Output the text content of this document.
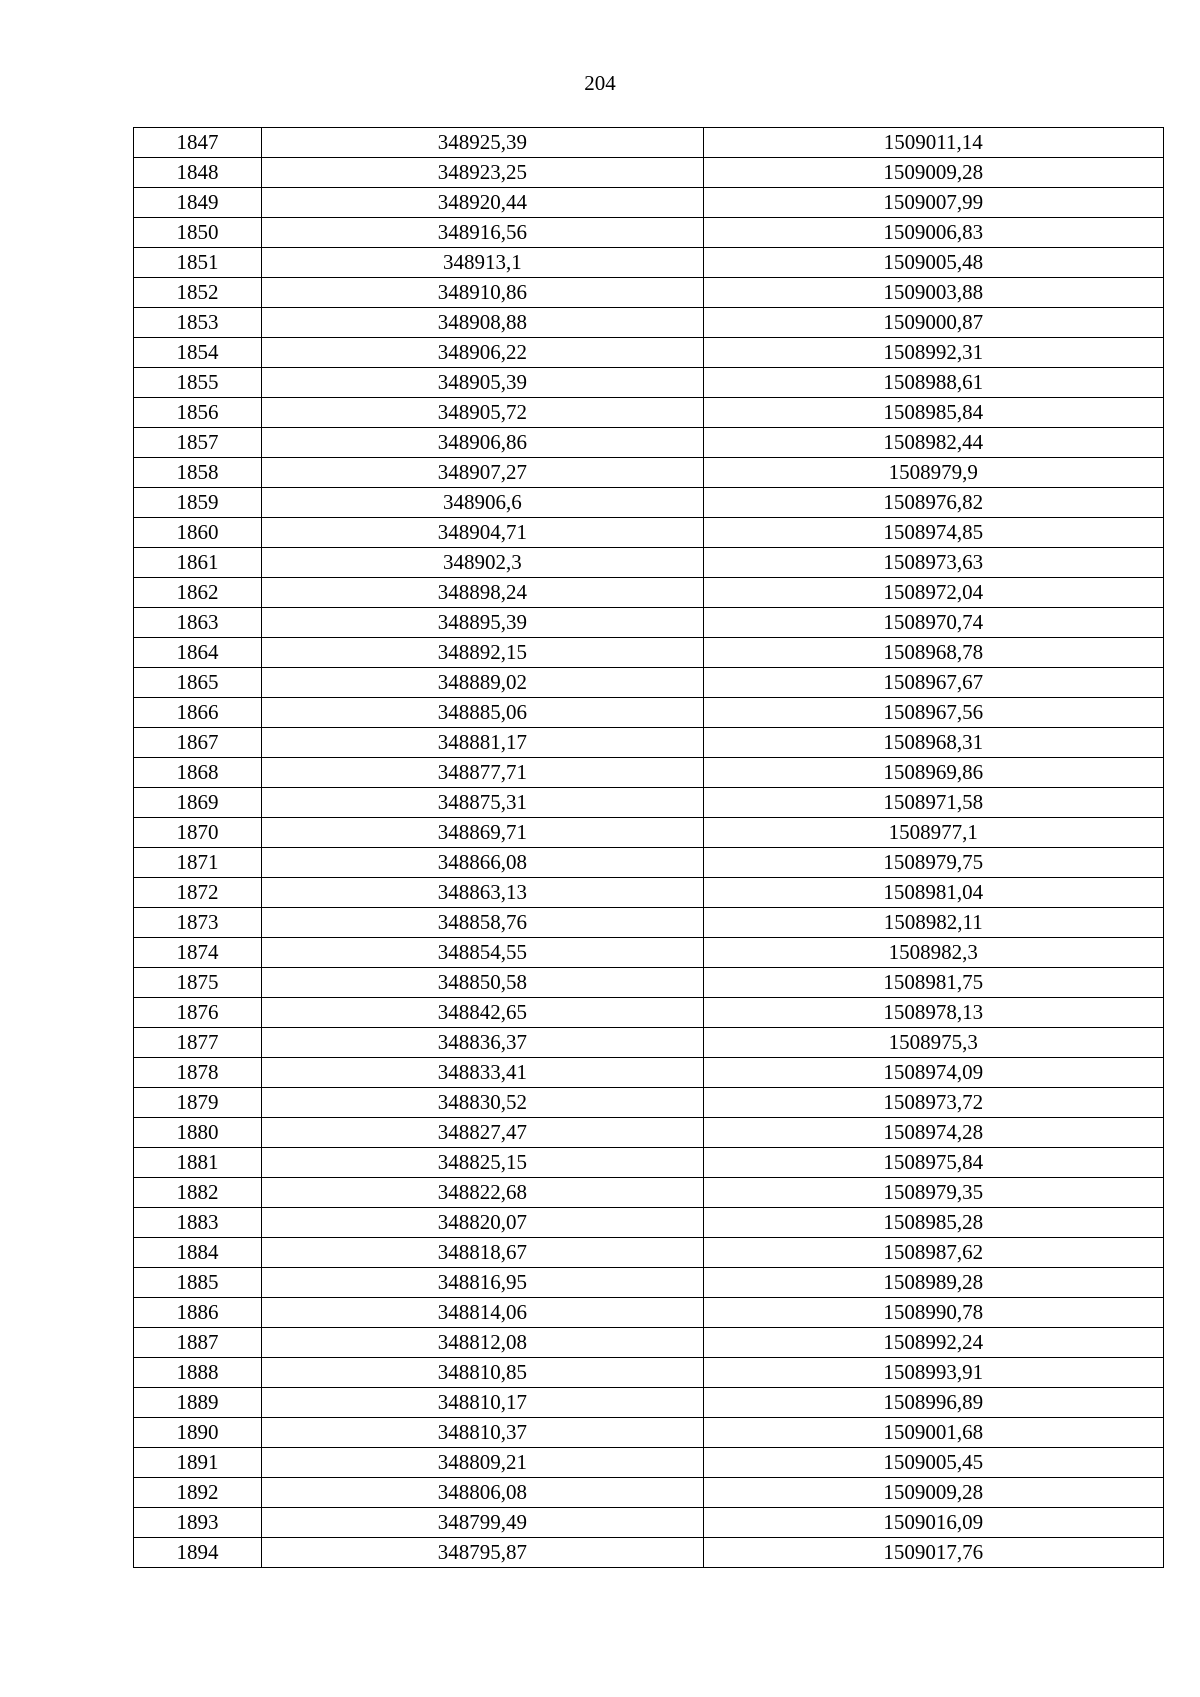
204
1847	348925,39	1509011,14
1848	348923,25	1509009,28
1849	348920,44	1509007,99
1850	348916,56	1509006,83
1851	348913,1	1509005,48
1852	348910,86	1509003,88
1853	348908,88	1509000,87
1854	348906,22	1508992,31
1855	348905,39	1508988,61
1856	348905,72	1508985,84
1857	348906,86	1508982,44
1858	348907,27	1508979,9
1859	348906,6	1508976,82
1860	348904,71	1508974,85
1861	348902,3	1508973,63
1862	348898,24	1508972,04
1863	348895,39	1508970,74
1864	348892,15	1508968,78
1865	348889,02	1508967,67
1866	348885,06	1508967,56
1867	348881,17	1508968,31
1868	348877,71	1508969,86
1869	348875,31	1508971,58
1870	348869,71	1508977,1
1871	348866,08	1508979,75
1872	348863,13	1508981,04
1873	348858,76	1508982,11
1874	348854,55	1508982,3
1875	348850,58	1508981,75
1876	348842,65	1508978,13
1877	348836,37	1508975,3
1878	348833,41	1508974,09
1879	348830,52	1508973,72
1880	348827,47	1508974,28
1881	348825,15	1508975,84
1882	348822,68	1508979,35
1883	348820,07	1508985,28
1884	348818,67	1508987,62
1885	348816,95	1508989,28
1886	348814,06	1508990,78
1887	348812,08	1508992,24
1888	348810,85	1508993,91
1889	348810,17	1508996,89
1890	348810,37	1509001,68
1891	348809,21	1509005,45
1892	348806,08	1509009,28
1893	348799,49	1509016,09
1894	348795,87	1509017,76
